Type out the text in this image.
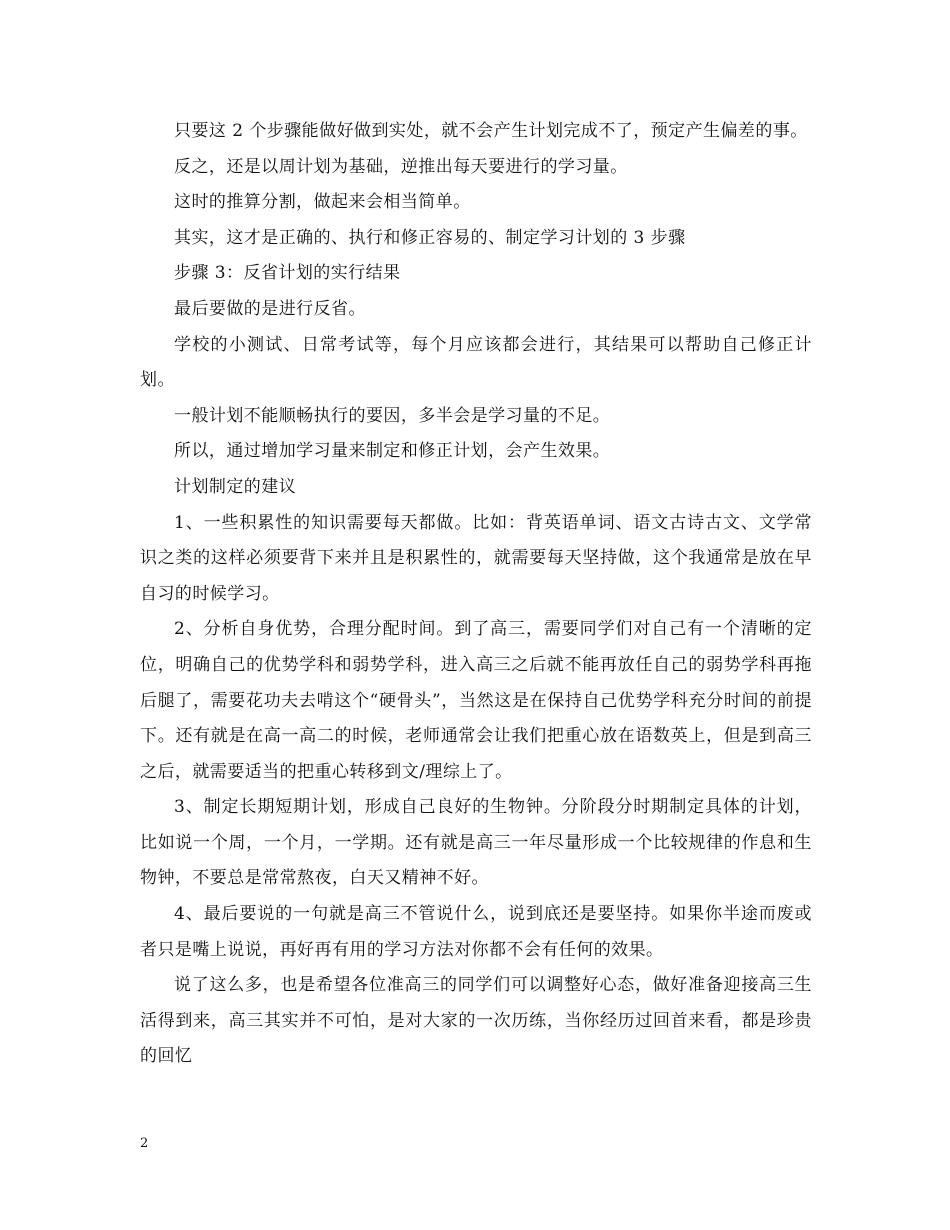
只要这 2 个步骤能做好做到实处，就不会产生计划完成不了，预定产生偏差的事。

反之，还是以周计划为基础，逆推出每天要进行的学习量。

这时的推算分割，做起来会相当简单。

其实，这才是正确的、执行和修正容易的、制定学习计划的 3 步骤

步骤 3：反省计划的实行结果

最后要做的是进行反省。

学校的小测试、日常考试等，每个月应该都会进行，其结果可以帮助自己修正计划。

一般计划不能顺畅执行的要因，多半会是学习量的不足。

所以，通过增加学习量来制定和修正计划，会产生效果。

计划制定的建议

1、一些积累性的知识需要每天都做。比如：背英语单词、语文古诗古文、文学常识之类的这样必须要背下来并且是积累性的，就需要每天坚持做，这个我通常是放在早自习的时候学习。

2、分析自身优势，合理分配时间。到了高三，需要同学们对自己有一个清晰的定位，明确自己的优势学科和弱势学科，进入高三之后就不能再放任自己的弱势学科再拖后腿了，需要花功夫去啃这个“硬骨头”，当然这是在保持自己优势学科充分时间的前提下。还有就是在高一高二的时候，老师通常会让我们把重心放在语数英上，但是到高三之后，就需要适当的把重心转移到文/理综上了。

3、制定长期短期计划，形成自己良好的生物钟。分阶段分时期制定具体的计划，比如说一个周，一个月，一学期。还有就是高三一年尽量形成一个比较规律的作息和生物钟，不要总是常常熬夜，白天又精神不好。

4、最后要说的一句就是高三不管说什么，说到底还是要坚持。如果你半途而废或者只是嘴上说说，再好再有用的学习方法对你都不会有任何的效果。

说了这么多，也是希望各位准高三的同学们可以调整好心态，做好准备迎接高三生活得到来，高三其实并不可怕，是对大家的一次历练，当你经历过回首来看，都是珍贵的回忆

2
